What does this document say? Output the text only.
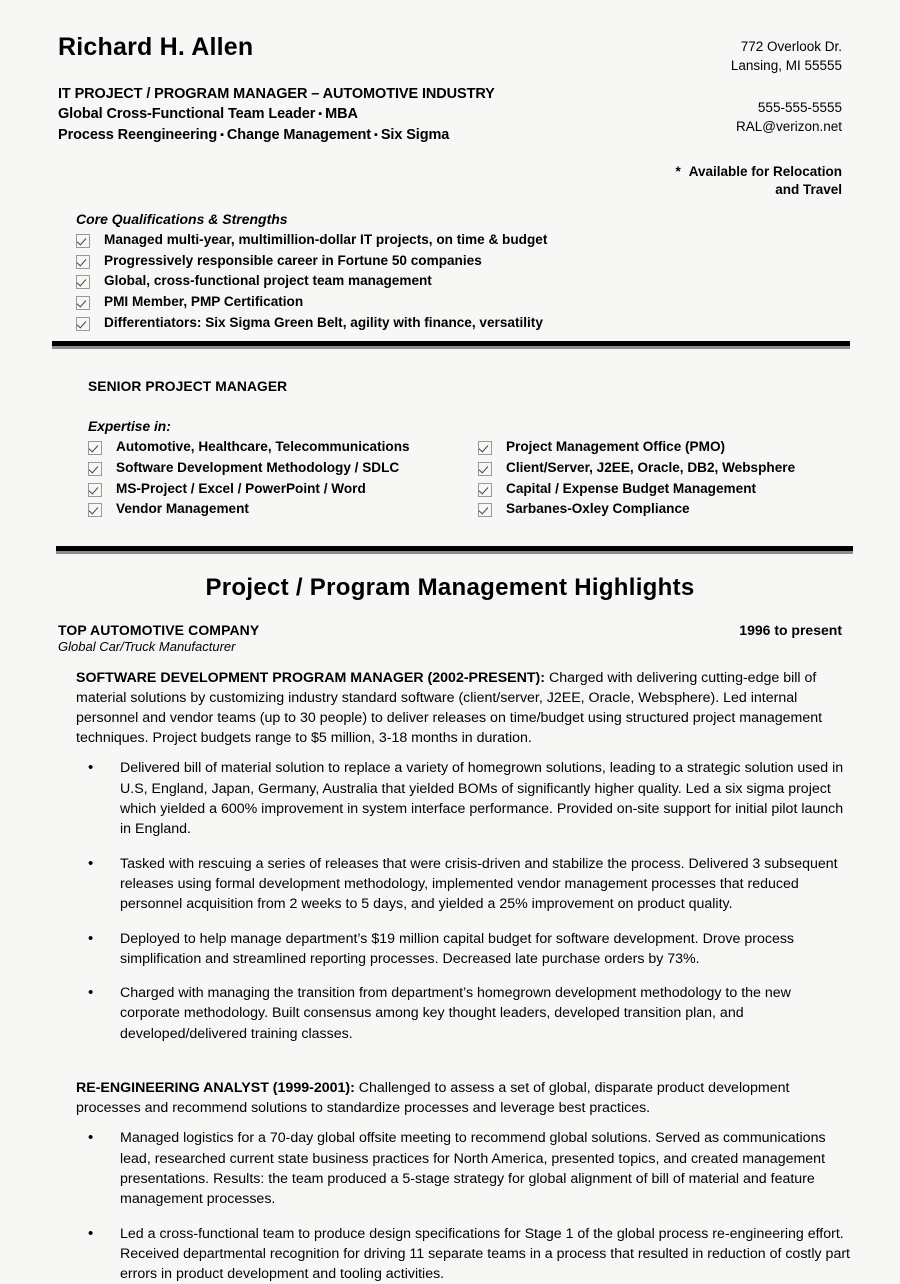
Richard H. Allen
IT PROJECT / PROGRAM MANAGER – AUTOMOTIVE INDUSTRY
Global Cross-Functional Team Leader ▪ MBA
Process Reengineering ▪ Change Management ▪ Six Sigma
772 Overlook Dr.
Lansing, MI 55555
555-555-5555
RAL@verizon.net
* Available for Relocation
and Travel
Core Qualifications & Strengths
Managed multi-year, multimillion-dollar IT projects, on time & budget
Progressively responsible career in Fortune 50 companies
Global, cross-functional project team management
PMI Member, PMP Certification
Differentiators: Six Sigma Green Belt, agility with finance, versatility
SENIOR PROJECT MANAGER
Expertise in:
Automotive, Healthcare, Telecommunications
Software Development Methodology / SDLC
MS-Project / Excel / PowerPoint / Word
Vendor Management
Project Management Office (PMO)
Client/Server, J2EE, Oracle, DB2, Websphere
Capital / Expense Budget Management
Sarbanes-Oxley Compliance
Project / Program Management Highlights
TOP AUTOMOTIVE COMPANY	1996 to present
Global Car/Truck Manufacturer

SOFTWARE DEVELOPMENT PROGRAM MANAGER (2002-PRESENT): Charged with delivering cutting-edge bill of material solutions by customizing industry standard software (client/server, J2EE, Oracle, Websphere). Led internal personnel and vendor teams (up to 30 people) to deliver releases on time/budget using structured project management techniques. Project budgets range to $5 million, 3-18 months in duration.

• Delivered bill of material solution to replace a variety of homegrown solutions, leading to a strategic solution used in U.S, England, Japan, Germany, Australia that yielded BOMs of significantly higher quality. Led a six sigma project which yielded a 600% improvement in system interface performance. Provided on-site support for initial pilot launch in England.
• Tasked with rescuing a series of releases that were crisis-driven and stabilize the process. Delivered 3 subsequent releases using formal development methodology, implemented vendor management processes that reduced personnel acquisition from 2 weeks to 5 days, and yielded a 25% improvement on product quality.
• Deployed to help manage department’s $19 million capital budget for software development. Drove process simplification and streamlined reporting processes. Decreased late purchase orders by 73%.
• Charged with managing the transition from department’s homegrown development methodology to the new corporate methodology. Built consensus among key thought leaders, developed transition plan, and developed/delivered training classes.

RE-ENGINEERING ANALYST (1999-2001): Challenged to assess a set of global, disparate product development processes and recommend solutions to standardize processes and leverage best practices.

• Managed logistics for a 70-day global offsite meeting to recommend global solutions. Served as communications lead, researched current state business practices for North America, presented topics, and created management presentations. Results: the team produced a 5-stage strategy for global alignment of bill of material and feature management processes.
• Led a cross-functional team to produce design specifications for Stage 1 of the global process re-engineering effort. Received departmental recognition for driving 11 separate teams in a process that resulted in reduction of costly part errors in product development and tooling activities.
